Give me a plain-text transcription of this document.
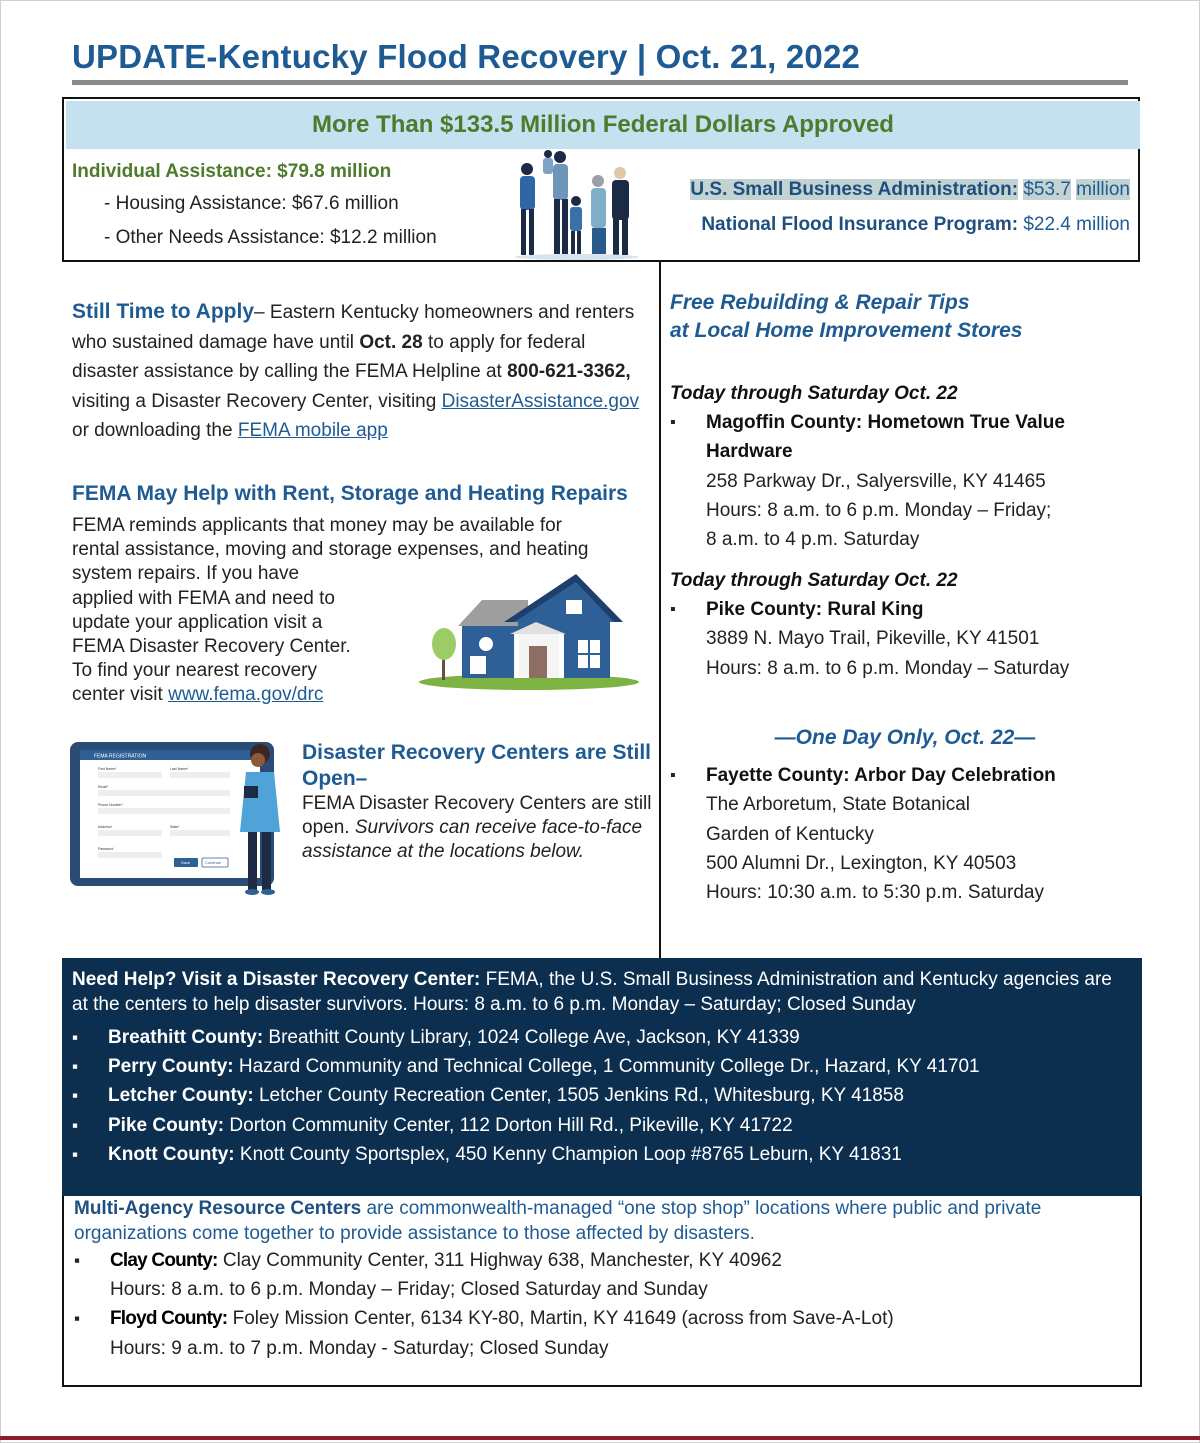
UPDATE-Kentucky Flood Recovery | Oct. 21, 2022
More Than $133.5 Million Federal Dollars Approved
Individual Assistance: $79.8 million
- Housing Assistance: $67.6 million
- Other Needs Assistance: $12.2 million
U.S. Small Business Administration: $53.7 million
National Flood Insurance Program: $22.4 million
Still Time to Apply– Eastern Kentucky homeowners and renters who sustained damage have until Oct. 28 to apply for federal disaster assistance by calling the FEMA Helpline at 800-621-3362, visiting a Disaster Recovery Center, visiting DisasterAssistance.gov or downloading the FEMA mobile app
FEMA May Help with Rent, Storage and Heating Repairs
FEMA reminds applicants that money may be available for
rental assistance, moving and storage expenses, and heating
system repairs. If you have
applied with FEMA and need to
update your application visit a
FEMA Disaster Recovery Center.
To find your nearest recovery
center visit www.fema.gov/drc
FEMA REGISTRATION
First Name*	Last Name*
Email*
Phone Number*
Address*	State*
Password
Save	Continue
Disaster Recovery Centers are Still Open–
FEMA Disaster Recovery Centers are still open. Survivors can receive face-to-face assistance at the locations below.
Free Rebuilding & Repair Tips
at Local Home Improvement Stores
Today through Saturday Oct. 22
▪ Magoffin County: Hometown True Value Hardware
258 Parkway Dr., Salyersville, KY 41465
Hours: 8 a.m. to 6 p.m. Monday – Friday;
8 a.m. to 4 p.m. Saturday
Today through Saturday Oct. 22
▪ Pike County: Rural King
3889 N. Mayo Trail, Pikeville, KY 41501
Hours: 8 a.m. to 6 p.m. Monday – Saturday
—One Day Only, Oct. 22—
▪ Fayette County: Arbor Day Celebration
The Arboretum, State Botanical
Garden of Kentucky
500 Alumni Dr., Lexington, KY 40503
Hours: 10:30 a.m. to 5:30 p.m. Saturday
Need Help? Visit a Disaster Recovery Center: FEMA, the U.S. Small Business Administration and Kentucky agencies are at the centers to help disaster survivors. Hours: 8 a.m. to 6 p.m. Monday – Saturday; Closed Sunday
▪ Breathitt County: Breathitt County Library, 1024 College Ave, Jackson, KY 41339
▪ Perry County: Hazard Community and Technical College, 1 Community College Dr., Hazard, KY 41701
▪ Letcher County: Letcher County Recreation Center, 1505 Jenkins Rd., Whitesburg, KY 41858
▪ Pike County: Dorton Community Center, 112 Dorton Hill Rd., Pikeville, KY 41722
▪ Knott County: Knott County Sportsplex, 450 Kenny Champion Loop #8765 Leburn, KY 41831
Multi-Agency Resource Centers are commonwealth-managed “one stop shop” locations where public and private organizations come together to provide assistance to those affected by disasters.
▪ Clay County: Clay Community Center, 311 Highway 638, Manchester, KY 40962
Hours: 8 a.m. to 6 p.m. Monday – Friday; Closed Saturday and Sunday
▪ Floyd County: Foley Mission Center, 6134 KY-80, Martin, KY 41649 (across from Save-A-Lot)
Hours: 9 a.m. to 7 p.m. Monday - Saturday; Closed Sunday
